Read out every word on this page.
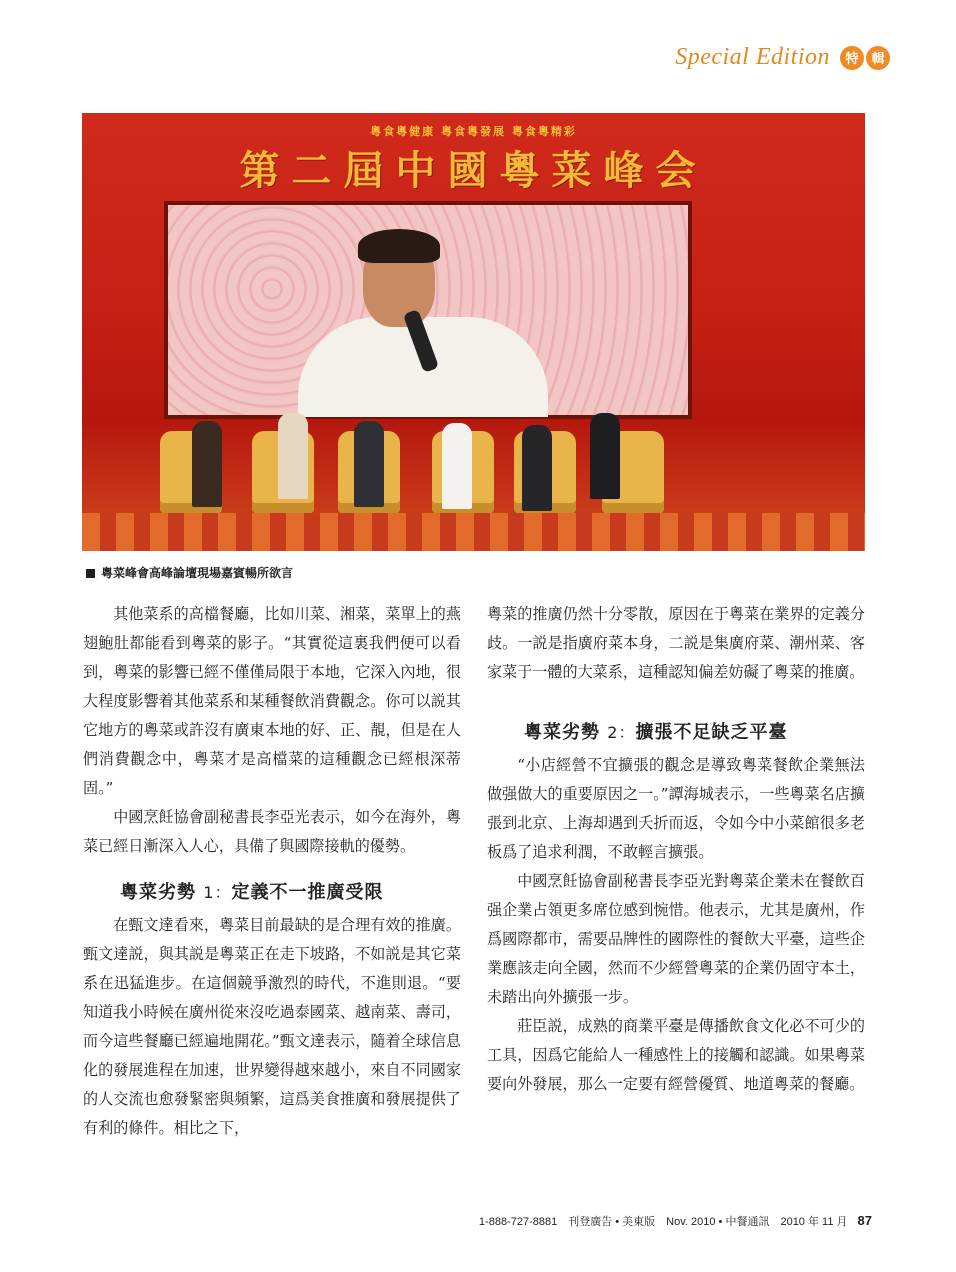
Special Edition	特 輯
粵食粵健康 粵食粵發展 粵食粵精彩
第二屆中國粵菜峰会
粵菜峰會高峰論壇現場嘉賓暢所欲言

其他菜系的高檔餐廳，比如川菜、湘菜，菜單上的燕翅鮑肚都能看到粵菜的影子。“其實從這裏我們便可以看到，粵菜的影響已經不僅僅局限于本地，它深入內地，很大程度影響着其他菜系和某種餐飲消費觀念。你可以説其它地方的粵菜或許沒有廣東本地的好、正、靚，但是在人們消費觀念中，粵菜才是高檔菜的這種觀念已經根深蒂固。”

中國烹飪協會副秘書長李亞光表示，如今在海外，粵菜已經日漸深入人心，具備了與國際接軌的優勢。

粵菜劣勢 1：定義不一推廣受限

在甄文達看來，粵菜目前最缺的是合理有效的推廣。甄文達説，與其説是粵菜正在走下坡路，不如説是其它菜系在迅猛進步。在這個競爭激烈的時代，不進則退。“要知道我小時候在廣州從來沒吃過泰國菜、越南菜、壽司，而今這些餐廳已經遍地開花。”甄文達表示，隨着全球信息化的發展進程在加速，世界變得越來越小，來自不同國家的人交流也愈發緊密與頻繁，這爲美食推廣和發展提供了有利的條件。相比之下，

粵菜的推廣仍然十分零散，原因在于粵菜在業界的定義分歧。一説是指廣府菜本身，二説是集廣府菜、潮州菜、客家菜于一體的大菜系，這種認知偏差妨礙了粵菜的推廣。

粵菜劣勢 2：擴張不足缺乏平臺

“小店經營不宜擴張的觀念是導致粵菜餐飲企業無法做强做大的重要原因之一。”譚海城表示，一些粵菜名店擴張到北京、上海却遇到夭折而返，令如今中小菜館很多老板爲了追求利潤，不敢輕言擴張。

中國烹飪協會副秘書長李亞光對粵菜企業未在餐飲百强企業占領更多席位感到惋惜。他表示，尤其是廣州，作爲國際都市，需要品牌性的國際性的餐飲大平臺，這些企業應該走向全國，然而不少經營粵菜的企業仍固守本土，未踏出向外擴張一步。

莊臣説，成熟的商業平臺是傳播飲食文化必不可少的工具，因爲它能給人一種感性上的接觸和認識。如果粵菜要向外發展，那么一定要有經營優質、地道粵菜的餐廳。

1-888-727-8881　刊登廣告 • 美東版　Nov. 2010 • 中餐通訊　2010 年 11 月 87
